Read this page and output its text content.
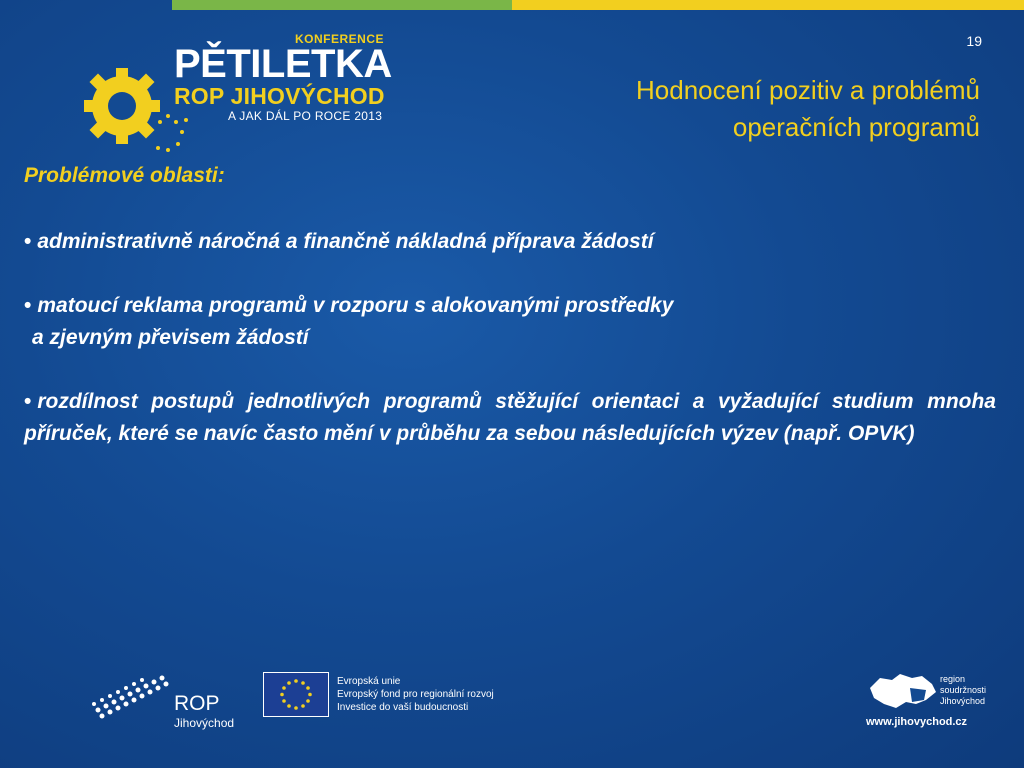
19
KONFERENCE
PĚTILETKA
ROP JIHOVÝCHOD
A JAK DÁL PO ROCE 2013
Hodnocení pozitiv a problémů
operačních programů
Problémové oblasti:
• administrativně náročná a finančně nákladná příprava žádostí
• matoucí reklama programů v rozporu s alokovanými prostředky
a zjevným převisem žádostí
• rozdílnost postupů jednotlivých programů stěžující orientaci a vyžadující studium mnoha příruček, které se navíc často mění v průběhu za sebou následujících výzev (např. OPVK)
ROP
Jihovýchod
Evropská unie
Evropský fond pro regionální rozvoj
Investice do vaší budoucnosti
region
soudržnosti
Jihovýchod
www.jihovychod.cz
